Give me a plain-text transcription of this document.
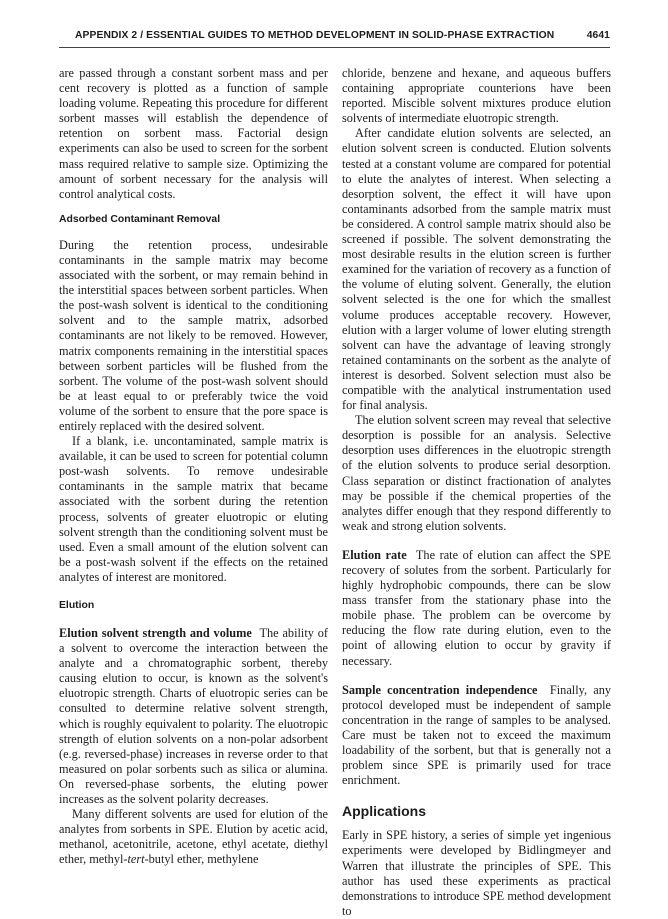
APPENDIX 2 / ESSENTIAL GUIDES TO METHOD DEVELOPMENT IN SOLID-PHASE EXTRACTION	4641

are passed through a constant sorbent mass and per cent recovery is plotted as a function of sample loading volume. Repeating this procedure for different sorbent masses will establish the dependence of retention on sorbent mass. Factorial design experiments can also be used to screen for the sorbent mass required relative to sample size. Optimizing the amount of sorbent necessary for the analysis will control analytical costs.

Adsorbed Contaminant Removal

During the retention process, undesirable contaminants in the sample matrix may become associated with the sorbent, or may remain behind in the interstitial spaces between sorbent particles. When the post-wash solvent is identical to the conditioning solvent and to the sample matrix, adsorbed contaminants are not likely to be removed. However, matrix components remaining in the interstitial spaces between sorbent particles will be flushed from the sorbent. The volume of the post-wash solvent should be at least equal to or preferably twice the void volume of the sorbent to ensure that the pore space is entirely replaced with the desired solvent.

If a blank, i.e. uncontaminated, sample matrix is available, it can be used to screen for potential column post-wash solvents. To remove undesirable contaminants in the sample matrix that became associated with the sorbent during the retention process, solvents of greater eluotropic or eluting solvent strength than the conditioning solvent must be used. Even a small amount of the elution solvent can be a post-wash solvent if the effects on the retained analytes of interest are monitored.

Elution

Elution solvent strength and volume The ability of a solvent to overcome the interaction between the analyte and a chromatographic sorbent, thereby causing elution to occur, is known as the solvent's eluotropic strength. Charts of eluotropic series can be consulted to determine relative solvent strength, which is roughly equivalent to polarity. The eluotropic strength of elution solvents on a non-polar adsorbent (e.g. reversed-phase) increases in reverse order to that measured on polar sorbents such as silica or alumina. On reversed-phase sorbents, the eluting power increases as the solvent polarity decreases.

Many different solvents are used for elution of the analytes from sorbents in SPE. Elution by acetic acid, methanol, acetonitrile, acetone, ethyl acetate, diethyl ether, methyl-tert-butyl ether, methylene

chloride, benzene and hexane, and aqueous buffers containing appropriate counterions have been reported. Miscible solvent mixtures produce elution solvents of intermediate eluotropic strength.

After candidate elution solvents are selected, an elution solvent screen is conducted. Elution solvents tested at a constant volume are compared for potential to elute the analytes of interest. When selecting a desorption solvent, the effect it will have upon contaminants adsorbed from the sample matrix must be considered. A control sample matrix should also be screened if possible. The solvent demonstrating the most desirable results in the elution screen is further examined for the variation of recovery as a function of the volume of eluting solvent. Generally, the elution solvent selected is the one for which the smallest volume produces acceptable recovery. However, elution with a larger volume of lower eluting strength solvent can have the advantage of leaving strongly retained contaminants on the sorbent as the analyte of interest is desorbed. Solvent selection must also be compatible with the analytical instrumentation used for final analysis.

The elution solvent screen may reveal that selective desorption is possible for an analysis. Selective desorption uses differences in the eluotropic strength of the elution solvents to produce serial desorption. Class separation or distinct fractionation of analytes may be possible if the chemical properties of the analytes differ enough that they respond differently to weak and strong elution solvents.

Elution rate The rate of elution can affect the SPE recovery of solutes from the sorbent. Particularly for highly hydrophobic compounds, there can be slow mass transfer from the stationary phase into the mobile phase. The problem can be overcome by reducing the flow rate during elution, even to the point of allowing elution to occur by gravity if necessary.

Sample concentration independence Finally, any protocol developed must be independent of sample concentration in the range of samples to be analysed. Care must be taken not to exceed the maximum loadability of the sorbent, but that is generally not a problem since SPE is primarily used for trace enrichment.

Applications

Early in SPE history, a series of simple yet ingenious experiments were developed by Bidlingmeyer and Warren that illustrate the principles of SPE. This author has used these experiments as practical demonstrations to introduce SPE method development to
